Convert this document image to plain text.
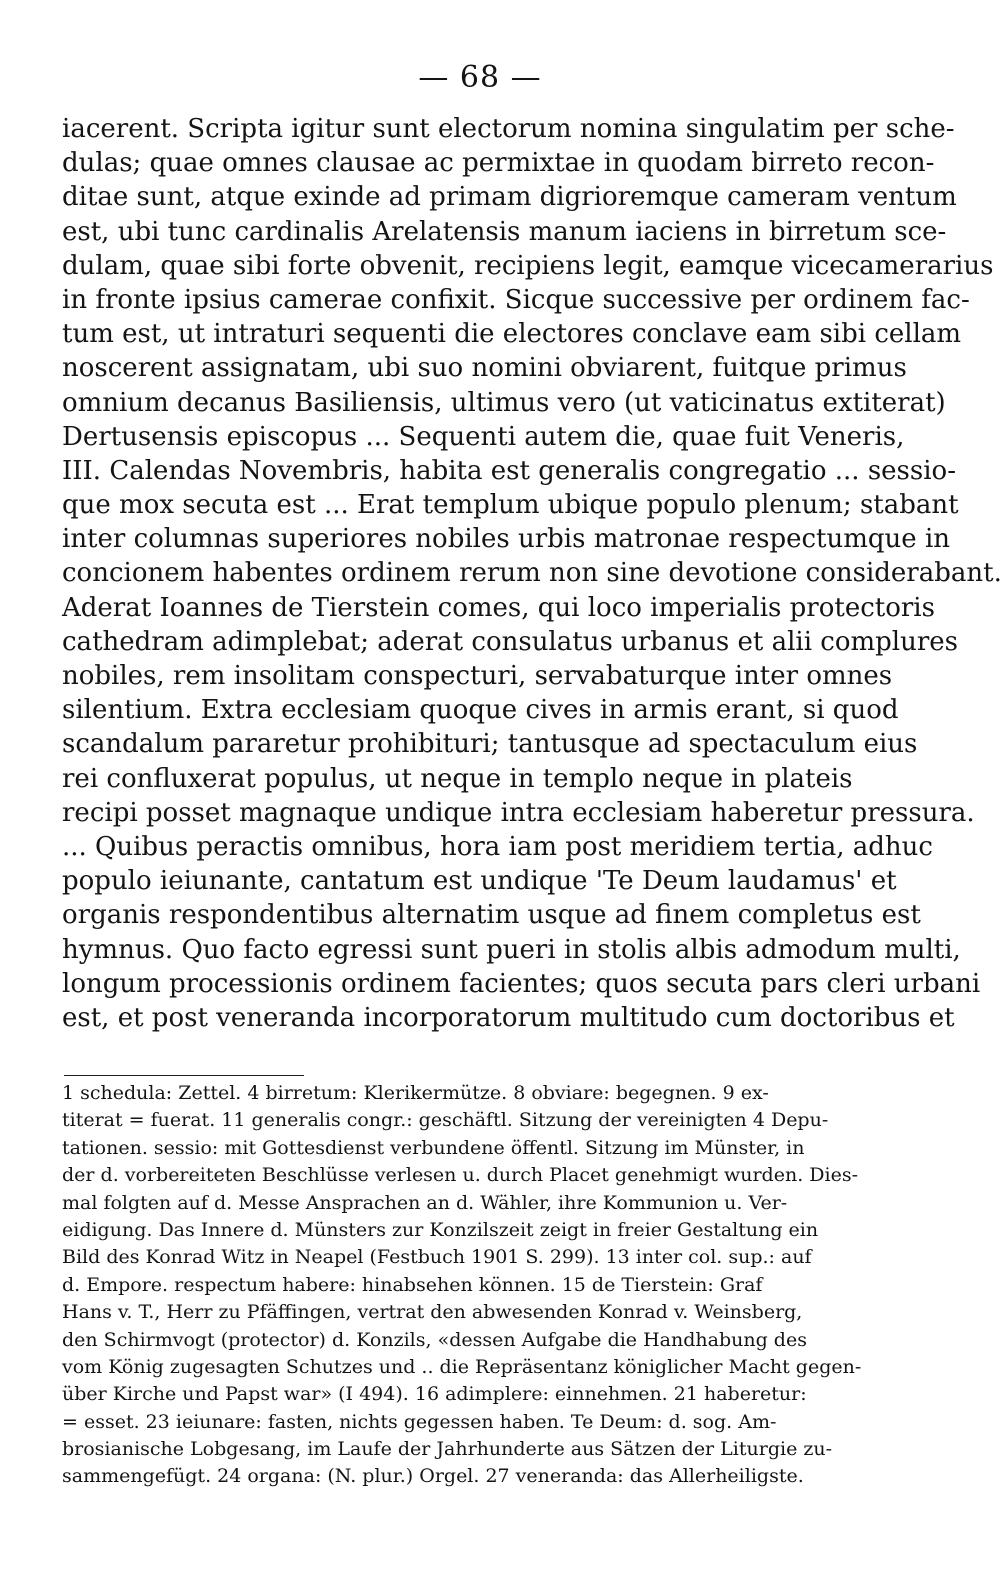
— 68 —
iacerent. Scripta igitur sunt electorum nomina singulatim per sche-
dulas; quae omnes clausae ac permixtae in quodam birreto recon-
ditae sunt, atque exinde ad primam digrioremque cameram ventum
est, ubi tunc cardinalis Arelatensis manum iaciens in birretum sce-
dulam, quae sibi forte obvenit, recipiens legit, eamque vicecamerarius
in fronte ipsius camerae confixit. Sicque successive per ordinem fac-
tum est, ut intraturi sequenti die electores conclave eam sibi cellam
noscerent assignatam, ubi suo nomini obviarent, fuitque primus
omnium decanus Basiliensis, ultimus vero (ut vaticinatus extiterat)
Dertusensis episcopus ... Sequenti autem die, quae fuit Veneris,
III. Calendas Novembris, habita est generalis congregatio ... sessio-
que mox secuta est ... Erat templum ubique populo plenum; stabant
inter columnas superiores nobiles urbis matronae respectumque in
concionem habentes ordinem rerum non sine devotione considerabant.
Aderat Ioannes de Tierstein comes, qui loco imperialis protectoris
cathedram adimplebat; aderat consulatus urbanus et alii complures
nobiles, rem insolitam conspecturi, servabaturque inter omnes
silentium. Extra ecclesiam quoque cives in armis erant, si quod
scandalum pararetur prohibituri; tantusque ad spectaculum eius
rei confluxerat populus, ut neque in templo neque in plateis
recipi posset magnaque undique intra ecclesiam haberetur pressura.
... Quibus peractis omnibus, hora iam post meridiem tertia, adhuc
populo ieiunante, cantatum est undique 'Te Deum laudamus' et
organis respondentibus alternatim usque ad finem completus est
hymnus. Quo facto egressi sunt pueri in stolis albis admodum multi,
longum processionis ordinem facientes; quos secuta pars cleri urbani
est, et post veneranda incorporatorum multitudo cum doctoribus et
1 schedula: Zettel. 4 birretum: Klerikermütze. 8 obviare: begegnen. 9 ex-
titerat = fuerat. 11 generalis congr.: geschäftl. Sitzung der vereinigten 4 Depu-
tationen. sessio: mit Gottesdienst verbundene öffentl. Sitzung im Münster, in
der d. vorbereiteten Beschlüsse verlesen u. durch Placet genehmigt wurden. Dies-
mal folgten auf d. Messe Ansprachen an d. Wähler, ihre Kommunion u. Ver-
eidigung. Das Innere d. Münsters zur Konzilszeit zeigt in freier Gestaltung ein
Bild des Konrad Witz in Neapel (Festbuch 1901 S. 299). 13 inter col. sup.: auf
d. Empore. respectum habere: hinabsehen können. 15 de Tierstein: Graf
Hans v. T., Herr zu Pfäffingen, vertrat den abwesenden Konrad v. Weinsberg,
den Schirmvogt (protector) d. Konzils, «dessen Aufgabe die Handhabung des
vom König zugesagten Schutzes und .. die Repräsentanz königlicher Macht gegen-
über Kirche und Papst war» (I 494). 16 adimplere: einnehmen. 21 haberetur:
= esset. 23 ieiunare: fasten, nichts gegessen haben. Te Deum: d. sog. Am-
brosianische Lobgesang, im Laufe der Jahrhunderte aus Sätzen der Liturgie zu-
sammengefügt. 24 organa: (N. plur.) Orgel. 27 veneranda: das Allerheiligste.
